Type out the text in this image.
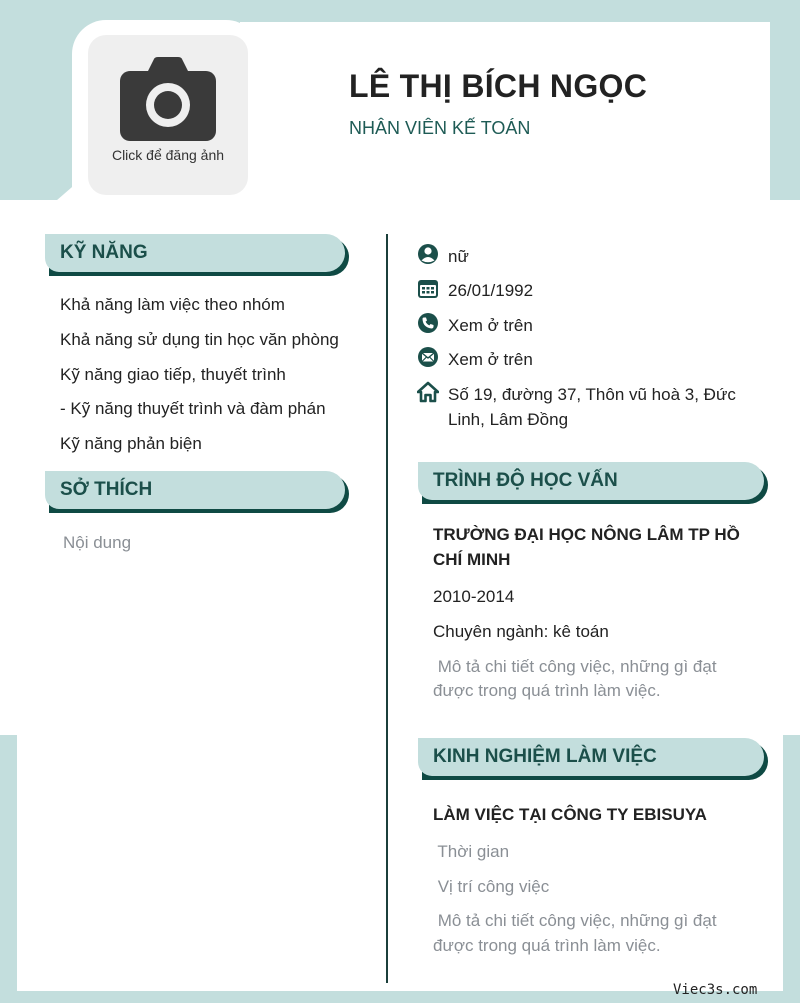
Click để đăng ảnh
LÊ THỊ BÍCH NGỌC
NHÂN VIÊN KẾ TOÁN
KỸ NĂNG
Khả năng làm việc theo nhóm
Khả năng sử dụng tin học văn phòng
Kỹ năng giao tiếp, thuyết trình
- Kỹ năng thuyết trình và đàm phán
Kỹ năng phản biện
SỞ THÍCH
Nội dung
nữ
26/01/1992
Xem ở trên
Xem ở trên
Số 19, đường 37, Thôn vũ hoà 3, Đức
Linh, Lâm Đồng
TRÌNH ĐỘ HỌC VẤN
TRƯỜNG ĐẠI HỌC NÔNG LÂM TP HỒ
CHÍ MINH
2010-2014
Chuyên ngành: kê toán
Mô tả chi tiết công việc, những gì đạt
được trong quá trình làm việc.
KINH NGHIỆM LÀM VIỆC
LÀM VIỆC TẠI CÔNG TY EBISUYA
Thời gian
Vị trí công việc
Mô tả chi tiết công việc, những gì đạt
được trong quá trình làm việc.
Viec3s.com
